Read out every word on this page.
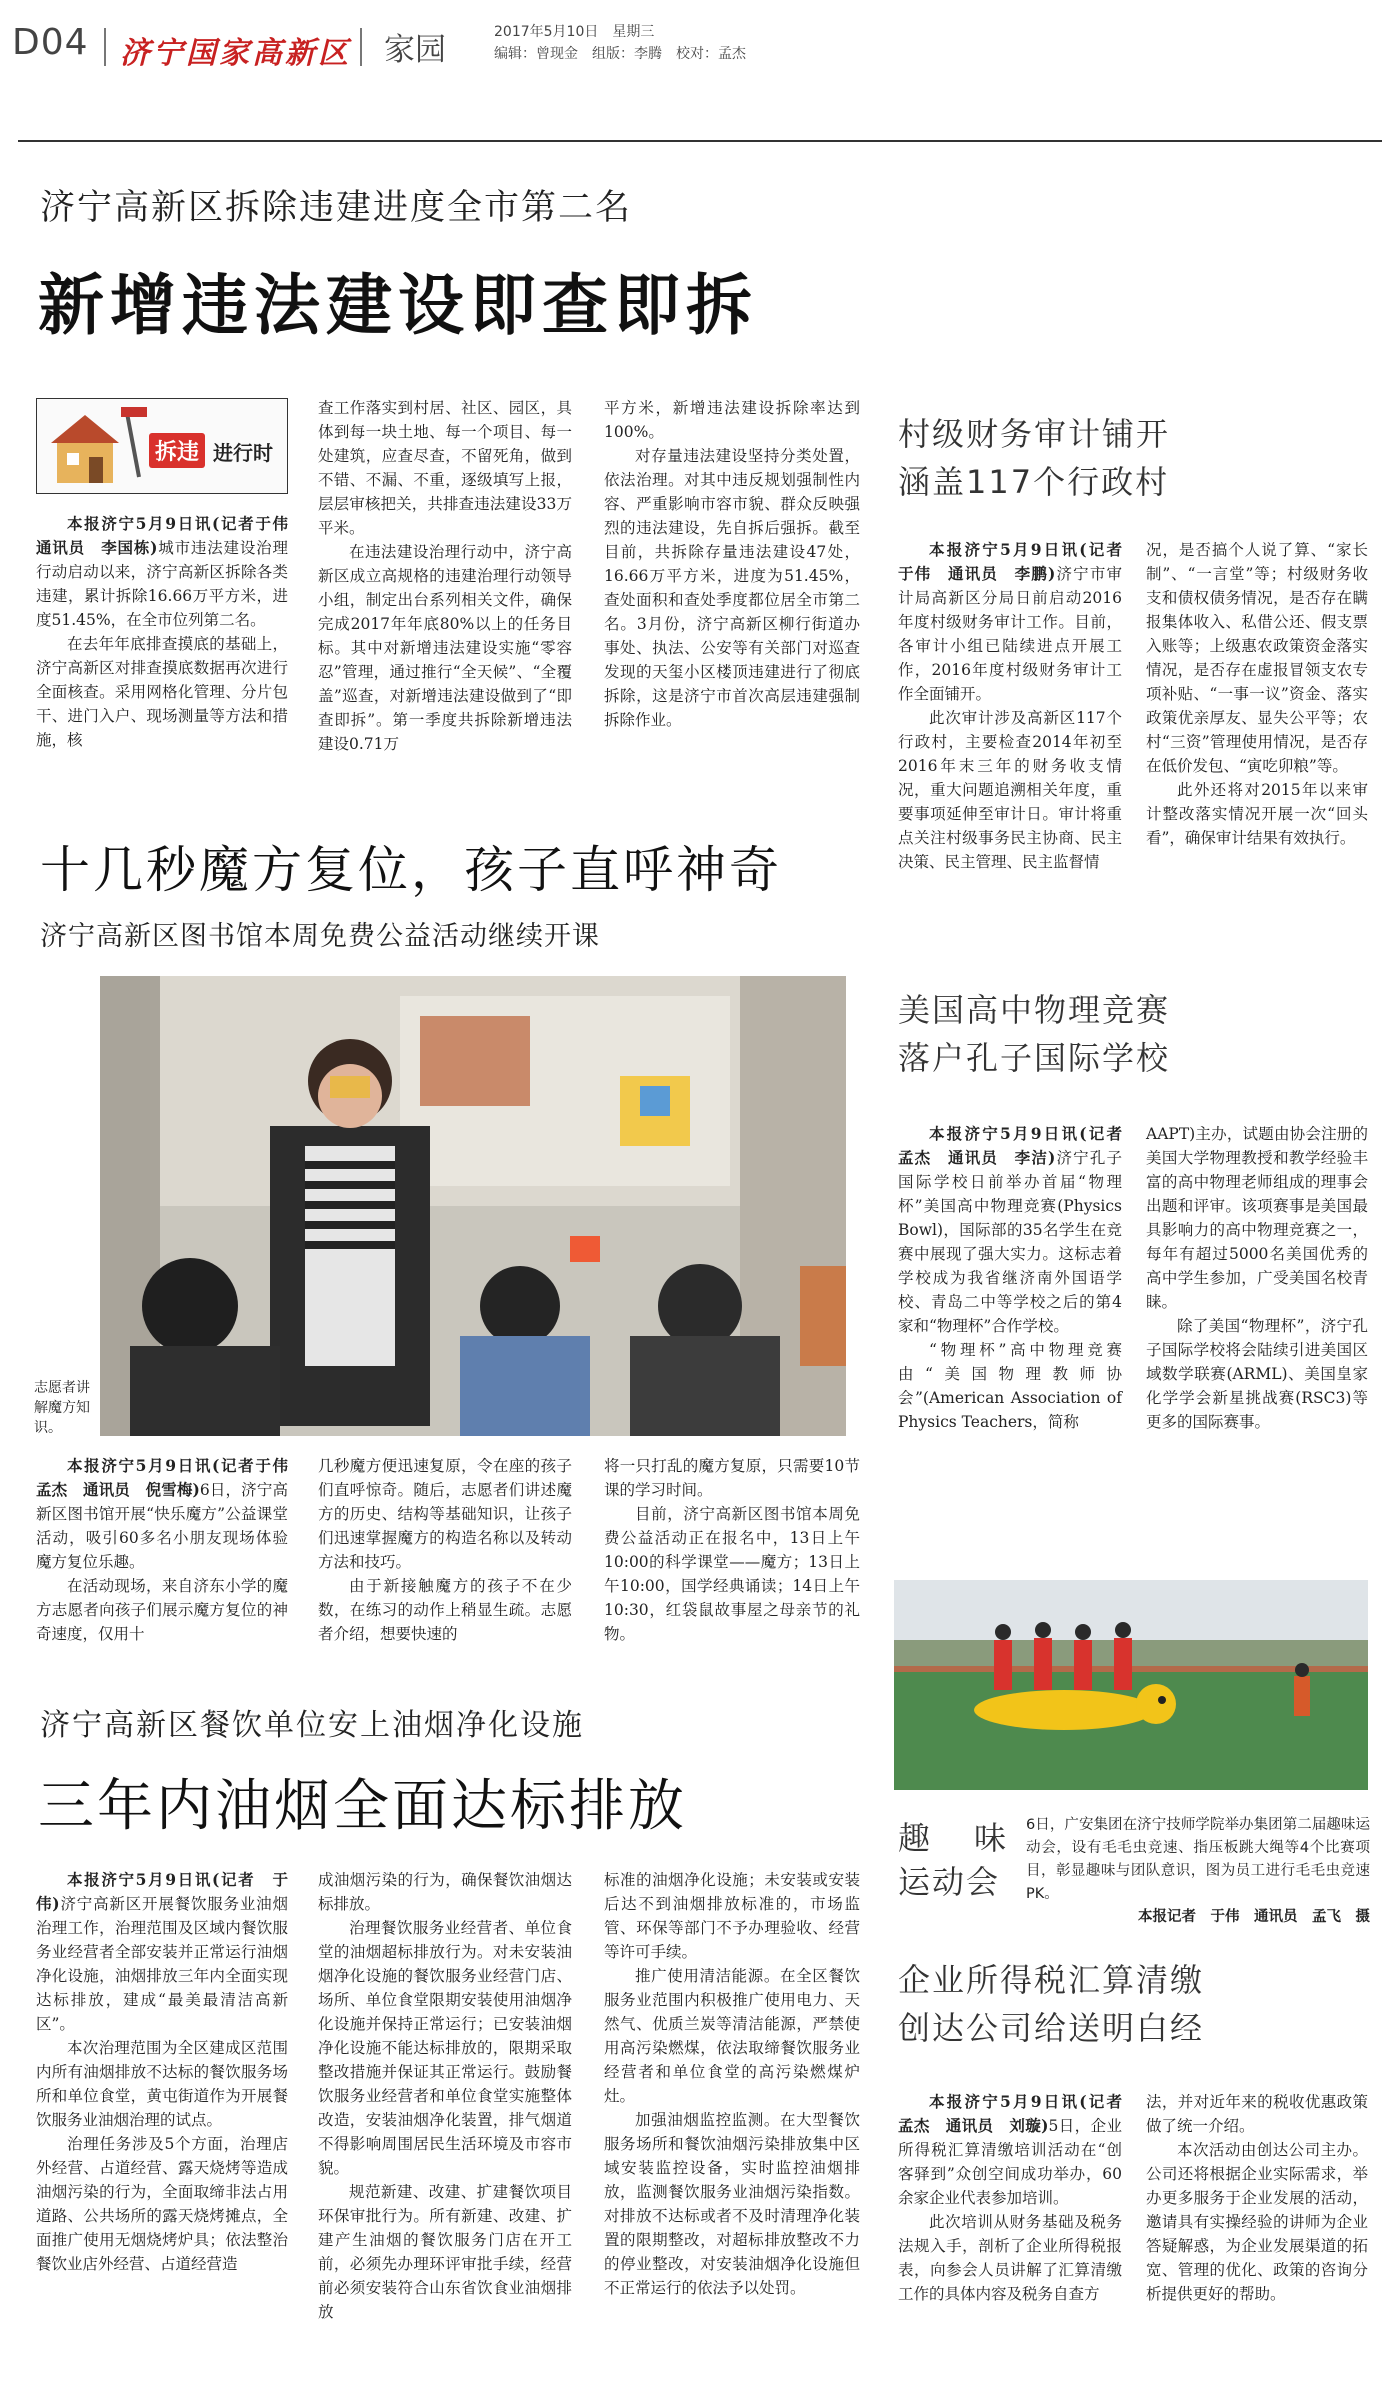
D04 济宁国家高新区 家园	2017年5月10日　星期三
编辑：曾现金　组版：李腾　校对：孟杰
济宁高新区拆除违建进度全市第二名
新增违法建设即查即拆
拆违 进行时

本报济宁5月9日讯(记者于伟　通讯员　李国栋)城市违法建设治理行动启动以来，济宁高新区拆除各类违建，累计拆除16.66万平方米，进度51.45%，在全市位列第二名。

在去年年底排查摸底的基础上，济宁高新区对排查摸底数据再次进行全面核查。采用网格化管理、分片包干、进门入户、现场测量等方法和措施，核

查工作落实到村居、社区、园区，具体到每一块土地、每一个项目、每一处建筑，应查尽查，不留死角，做到不错、不漏、不重，逐级填写上报，层层审核把关，共排查违法建设33万平米。

在违法建设治理行动中，济宁高新区成立高规格的违建治理行动领导小组，制定出台系列相关文件，确保完成2017年年底80%以上的任务目标。其中对新增违法建设实施“零容忍”管理，通过推行“全天候”、“全覆盖”巡查，对新增违法建设做到了“即查即拆”。第一季度共拆除新增违法建设0.71万

平方米，新增违法建设拆除率达到100%。

对存量违法建设坚持分类处置，依法治理。对其中违反规划强制性内容、严重影响市容市貌、群众反映强烈的违法建设，先自拆后强拆。截至目前，共拆除存量违法建设47处，16.66万平方米，进度为51.45%，查处面积和查处季度都位居全市第二名。3月份，济宁高新区柳行街道办事处、执法、公安等有关部门对巡查发现的天玺小区楼顶违建进行了彻底拆除，这是济宁市首次高层违建强制拆除作业。

村级财务审计铺开
涵盖117个行政村

本报济宁5月9日讯(记者　于伟　通讯员　李鹏)济宁市审计局高新区分局日前启动2016年度村级财务审计工作。目前，各审计小组已陆续进点开展工作，2016年度村级财务审计工作全面铺开。

此次审计涉及高新区117个行政村，主要检查2014年初至2016年末三年的财务收支情况，重大问题追溯相关年度，重要事项延伸至审计日。审计将重点关注村级事务民主协商、民主决策、民主管理、民主监督情

况，是否搞个人说了算、“家长制”、“一言堂”等；村级财务收支和债权债务情况，是否存在瞒报集体收入、私借公还、假支票入账等；上级惠农政策资金落实情况，是否存在虚报冒领支农专项补贴、“一事一议”资金、落实政策优亲厚友、显失公平等；农村“三资”管理使用情况，是否存在低价发包、“寅吃卯粮”等。

此外还将对2015年以来审计整改落实情况开展一次“回头看”，确保审计结果有效执行。

十几秒魔方复位，孩子直呼神奇
济宁高新区图书馆本周免费公益活动继续开课
志愿者讲解魔方知识。

本报济宁5月9日讯(记者于伟　孟杰　通讯员　倪雪梅)6日，济宁高新区图书馆开展“快乐魔方”公益课堂活动，吸引60多名小朋友现场体验魔方复位乐趣。

在活动现场，来自济东小学的魔方志愿者向孩子们展示魔方复位的神奇速度，仅用十

几秒魔方便迅速复原，令在座的孩子们直呼惊奇。随后，志愿者们讲述魔方的历史、结构等基础知识，让孩子们迅速掌握魔方的构造名称以及转动方法和技巧。

由于新接触魔方的孩子不在少数，在练习的动作上稍显生疏。志愿者介绍，想要快速的

将一只打乱的魔方复原，只需要10节课的学习时间。

目前，济宁高新区图书馆本周免费公益活动正在报名中，13日上午10:00的科学课堂——魔方；13日上午10:00，国学经典诵读；14日上午10:30，红袋鼠故事屋之母亲节的礼物。

美国高中物理竞赛
落户孔子国际学校

本报济宁5月9日讯(记者　孟杰　通讯员　李洁)济宁孔子国际学校日前举办首届“物理杯”美国高中物理竞赛(Physics Bowl)，国际部的35名学生在竞赛中展现了强大实力。这标志着学校成为我省继济南外国语学校、青岛二中等学校之后的第4家和“物理杯”合作学校。

“物理杯”高中物理竞赛由“美国物理教师协会”(American Association of Physics Teachers，简称

AAPT)主办，试题由协会注册的美国大学物理教授和教学经验丰富的高中物理老师组成的理事会出题和评审。该项赛事是美国最具影响力的高中物理竞赛之一，每年有超过5000名美国优秀的高中学生参加，广受美国名校青睐。

除了美国“物理杯”，济宁孔子国际学校将会陆续引进美国区域数学联赛(ARML)、美国皇家化学学会新星挑战赛(RSC3)等更多的国际赛事。

济宁高新区餐饮单位安上油烟净化设施
三年内油烟全面达标排放

本报济宁5月9日讯(记者　于伟)济宁高新区开展餐饮服务业油烟治理工作，治理范围及区域内餐饮服务业经营者全部安装并正常运行油烟净化设施，油烟排放三年内全面实现达标排放，建成“最美最清洁高新区”。

本次治理范围为全区建成区范围内所有油烟排放不达标的餐饮服务场所和单位食堂，黄屯街道作为开展餐饮服务业油烟治理的试点。

治理任务涉及5个方面，治理店外经营、占道经营、露天烧烤等造成油烟污染的行为，全面取缔非法占用道路、公共场所的露天烧烤摊点，全面推广使用无烟烧烤炉具；依法整治餐饮业店外经营、占道经营造

成油烟污染的行为，确保餐饮油烟达标排放。

治理餐饮服务业经营者、单位食堂的油烟超标排放行为。对未安装油烟净化设施的餐饮服务业经营门店、场所、单位食堂限期安装使用油烟净化设施并保持正常运行；已安装油烟净化设施不能达标排放的，限期采取整改措施并保证其正常运行。鼓励餐饮服务业经营者和单位食堂实施整体改造，安装油烟净化装置，排气烟道不得影响周围居民生活环境及市容市貌。

规范新建、改建、扩建餐饮项目环保审批行为。所有新建、改建、扩建产生油烟的餐饮服务门店在开工前，必须先办理环评审批手续，经营前必须安装符合山东省饮食业油烟排放

标准的油烟净化设施；未安装或安装后达不到油烟排放标准的，市场监管、环保等部门不予办理验收、经营等许可手续。

推广使用清洁能源。在全区餐饮服务业范围内积极推广使用电力、天然气、优质兰炭等清洁能源，严禁使用高污染燃煤，依法取缔餐饮服务业经营者和单位食堂的高污染燃煤炉灶。

加强油烟监控监测。在大型餐饮服务场所和餐饮油烟污染排放集中区域安装监控设备，实时监控油烟排放，监测餐饮服务业油烟污染指数。对排放不达标或者不及时清理净化装置的限期整改，对超标排放整改不力的停业整改，对安装油烟净化设施但不正常运行的依法予以处罚。

趣 味
运动会

6日，广安集团在济宁技师学院举办集团第二届趣味运动会，设有毛毛虫竞速、指压板跳大绳等4个比赛项目，彰显趣味与团队意识，图为员工进行毛毛虫竞速PK。

本报记者　于伟　通讯员　孟飞　摄

企业所得税汇算清缴
创达公司给送明白经

本报济宁5月9日讯(记者　孟杰　通讯员　刘璇)5日，企业所得税汇算清缴培训活动在“创客驿到”众创空间成功举办，60余家企业代表参加培训。

此次培训从财务基础及税务法规入手，剖析了企业所得税报表，向参会人员讲解了汇算清缴工作的具体内容及税务自查方

法，并对近年来的税收优惠政策做了统一介绍。

本次活动由创达公司主办。公司还将根据企业实际需求，举办更多服务于企业发展的活动，邀请具有实操经验的讲师为企业答疑解惑，为企业发展渠道的拓宽、管理的优化、政策的咨询分析提供更好的帮助。
